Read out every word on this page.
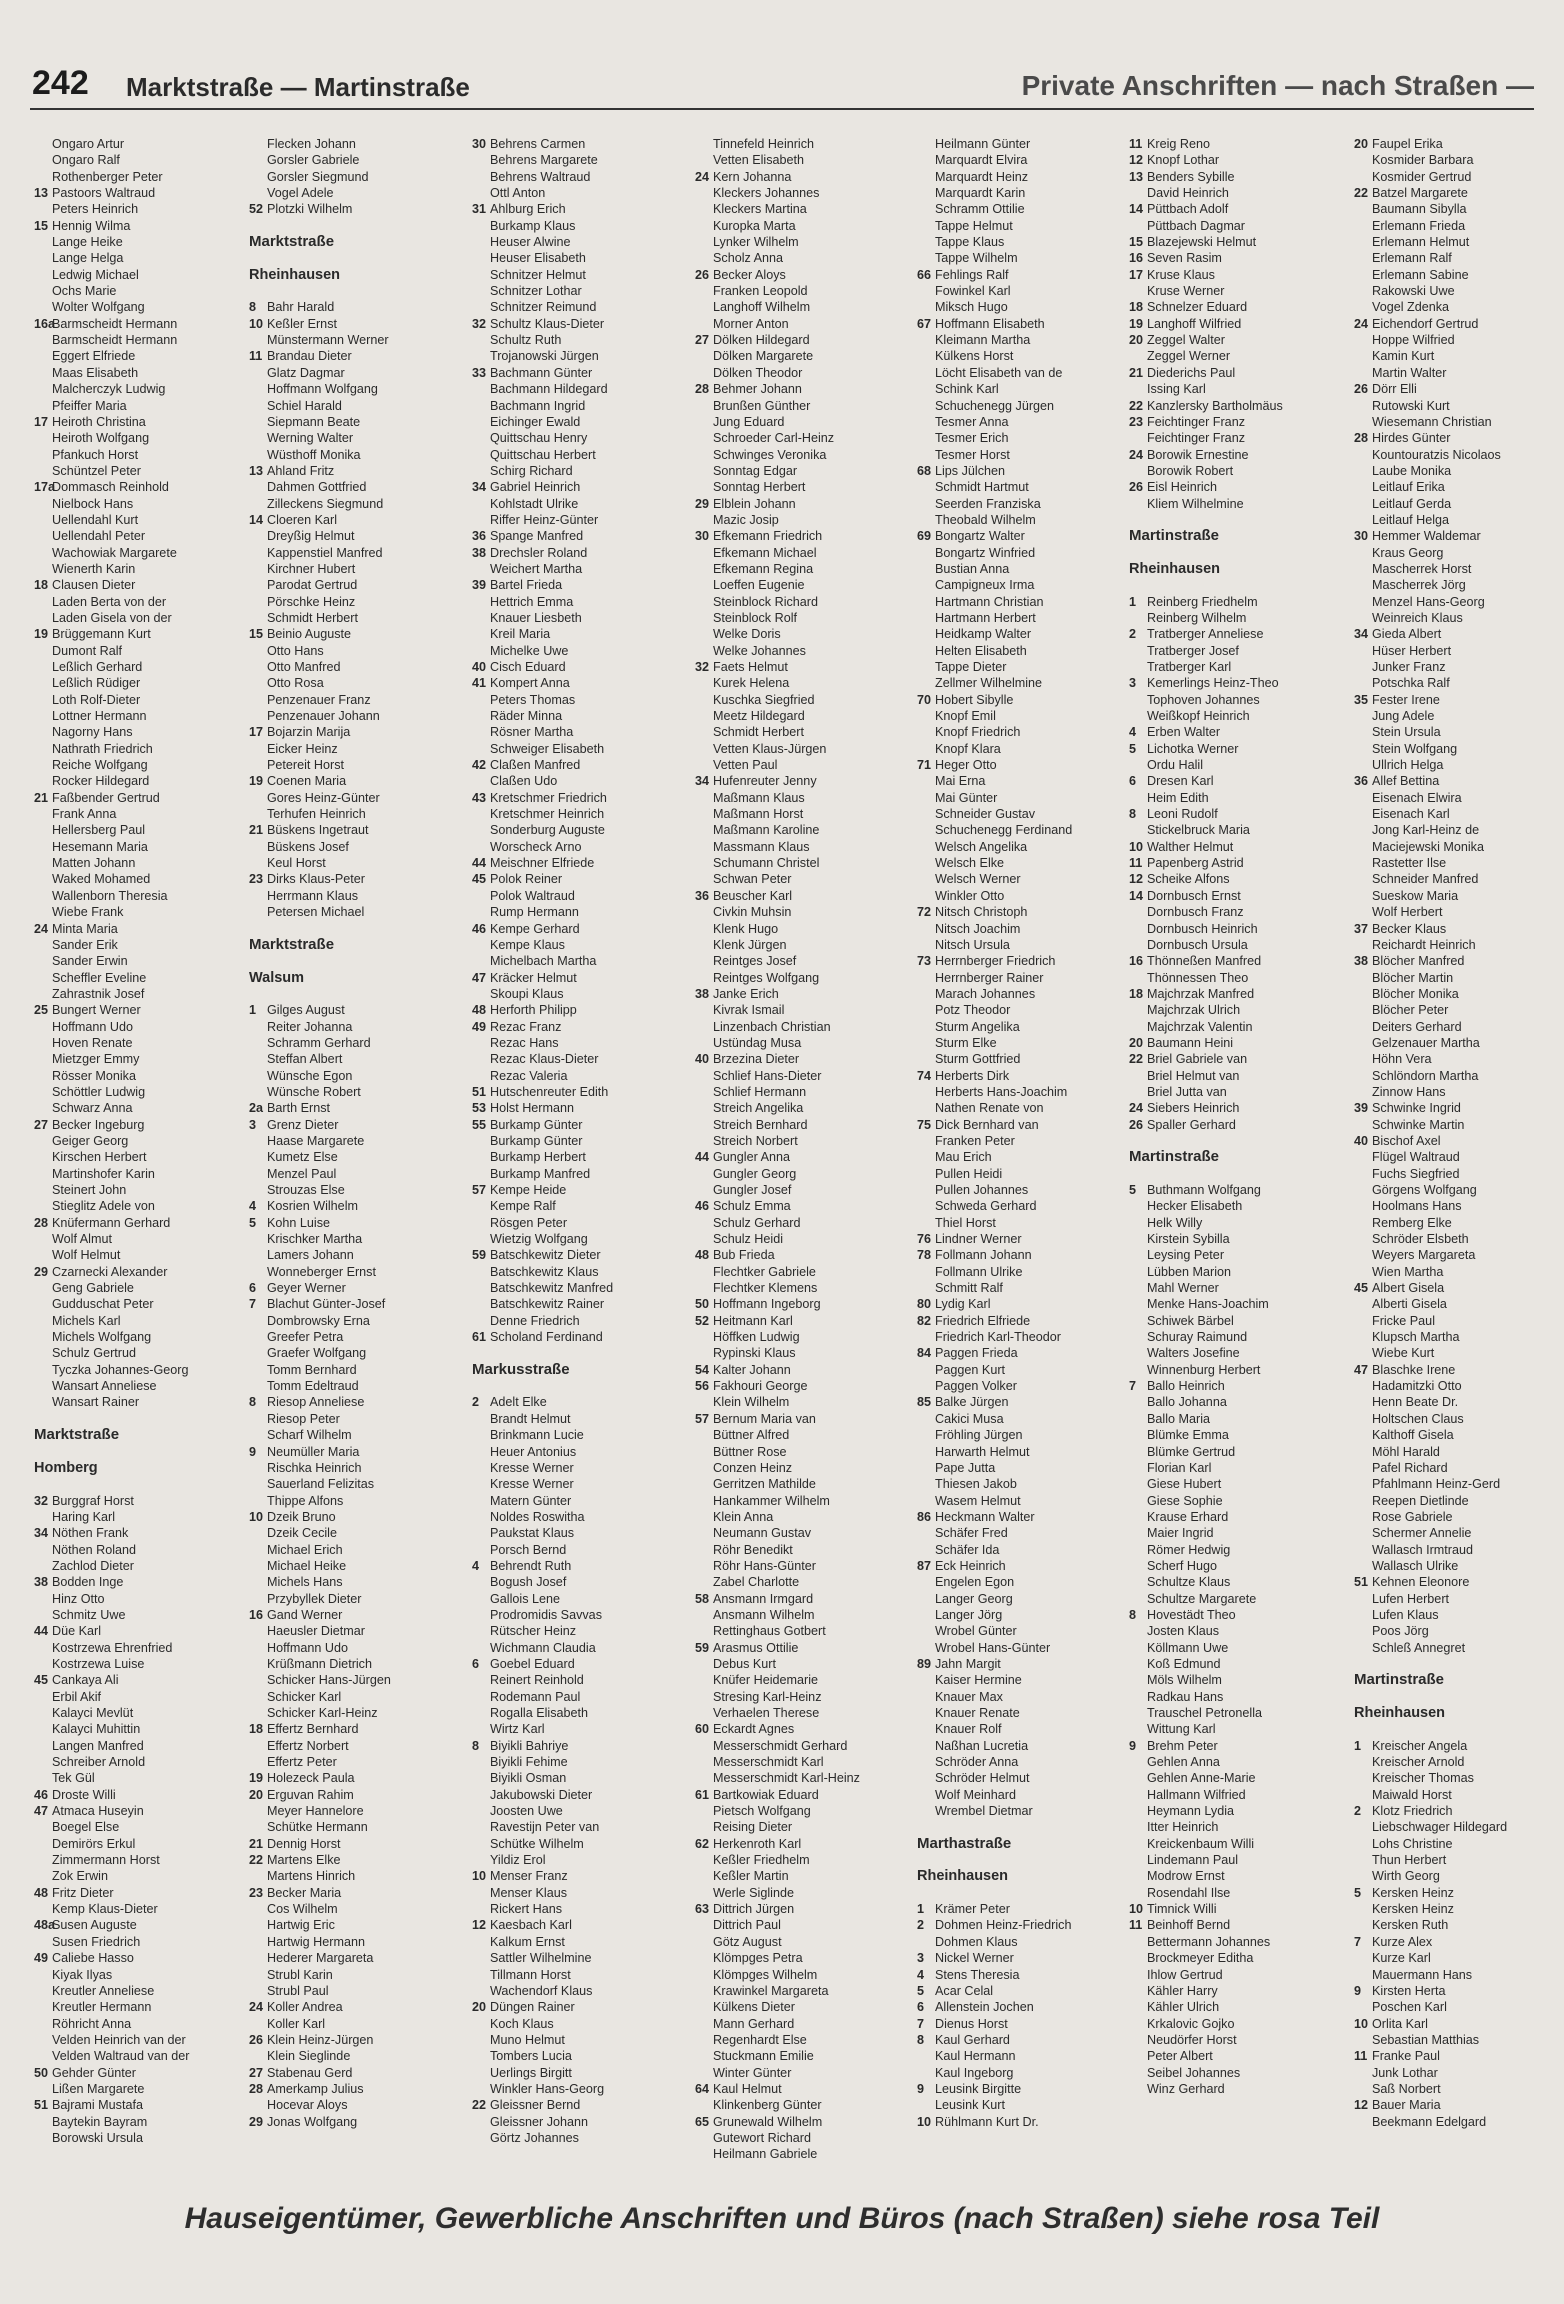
242 Marktstraße — Martinstraße	Private Anschriften — nach Straßen —
Ongaro Artur
Ongaro Ralf
Rothenberger Peter
13 Pastoors Waltraud
Peters Heinrich
15 Hennig Wilma
Lange Heike
Lange Helga
Ledwig Michael
Ochs Marie
Wolter Wolfgang
16a
Barmscheidt Hermann
Barmscheidt Hermann
Eggert Elfriede
Maas Elisabeth
Malcherczyk Ludwig
Pfeiffer Maria
17 Heiroth Christina
Heiroth Wolfgang
Pfankuch Horst
Schüntzel Peter
17a
Dommasch Reinhold
Nielbock Hans
Uellendahl Kurt
Uellendahl Peter
Wachowiak Margarete
Wienerth Karin
18 Clausen Dieter
Laden Berta von der
Laden Gisela von der
19 Brüggemann Kurt
Dumont Ralf
Leßlich Gerhard
Leßlich Rüdiger
Loth Rolf-Dieter
Lottner Hermann
Nagorny Hans
Nathrath Friedrich
Reiche Wolfgang
Rocker Hildegard
21 Faßbender Gertrud
Frank Anna
Hellersberg Paul
Hesemann Maria
Matten Johann
Waked Mohamed
Wallenborn Theresia
Wiebe Frank
24 Minta Maria
Sander Erik
Sander Erwin
Scheffler Eveline
Zahrastnik Josef
25 Bungert Werner
Hoffmann Udo
Hoven Renate
Mietzger Emmy
Rösser Monika
Schöttler Ludwig
Schwarz Anna
27 Becker Ingeburg
Geiger Georg
Kirschen Herbert
Martinshofer Karin
Steinert John
Stieglitz Adele von
28 Knüfermann Gerhard
Wolf Almut
Wolf Helmut
29 Czarnecki Alexander
Geng Gabriele
Gudduschat Peter
Michels Karl
Michels Wolfgang
Schulz Gertrud
Tyczka Johannes-Georg
Wansart Anneliese
Wansart Rainer
Marktstraße
Homberg
32 Burggraf Horst
Haring Karl
34 Nöthen Frank
Nöthen Roland
Zachlod Dieter
38 Bodden Inge
Hinz Otto
Schmitz Uwe
44 Düe Karl
Kostrzewa Ehrenfried
Kostrzewa Luise
45 Cankaya Ali
Erbil Akif
Kalayci Mevlüt
Kalayci Muhittin
Langen Manfred
Schreiber Arnold
Tek Gül
46 Droste Willi
47 Atmaca Huseyin
Boegel Else
Demirörs Erkul
Zimmermann Horst
Zok Erwin
48 Fritz Dieter
Kemp Klaus-Dieter
48a
Susen Auguste
Susen Friedrich
49 Caliebe Hasso
Kiyak Ilyas
Kreutler Anneliese
Kreutler Hermann
Röhricht Anna
Velden Heinrich van der
Velden Waltraud van der
50 Gehder Günter
Lißen Margarete
51 Bajrami Mustafa
Baytekin Bayram
Borowski Ursula
Flecken Johann
Gorsler Gabriele
Gorsler Siegmund
Vogel Adele
52 Plotzki Wilhelm
Marktstraße
Rheinhausen
8 Bahr Harald
10 Keßler Ernst
Münstermann Werner
11 Brandau Dieter
Glatz Dagmar
Hoffmann Wolfgang
Schiel Harald
Siepmann Beate
Werning Walter
Wüsthoff Monika
13 Ahland Fritz
Dahmen Gottfried
Zilleckens Siegmund
14 Cloeren Karl
Dreyßig Helmut
Kappenstiel Manfred
Kirchner Hubert
Parodat Gertrud
Pörschke Heinz
Schmidt Herbert
15 Beinio Auguste
Otto Hans
Otto Manfred
Otto Rosa
Penzenauer Franz
Penzenauer Johann
17 Bojarzin Marija
Eicker Heinz
Petereit Horst
19 Coenen Maria
Gores Heinz-Günter
Terhufen Heinrich
21 Büskens Ingetraut
Büskens Josef
Keul Horst
23 Dirks Klaus-Peter
Herrmann Klaus
Petersen Michael
Marktstraße
Walsum
1 Gilges August
Reiter Johanna
Schramm Gerhard
Steffan Albert
Wünsche Egon
Wünsche Robert
2a Barth Ernst
3 Grenz Dieter
Haase Margarete
Kumetz Else
Menzel Paul
Strouzas Else
4 Kosrien Wilhelm
5 Kohn Luise
Krischker Martha
Lamers Johann
Wonneberger Ernst
6 Geyer Werner
7 Blachut Günter-Josef
Dombrowsky Erna
Greefer Petra
Graefer Wolfgang
Tomm Bernhard
Tomm Edeltraud
8 Riesop Anneliese
Riesop Peter
Scharf Wilhelm
9 Neumüller Maria
Rischka Heinrich
Sauerland Felizitas
Thippe Alfons
10 Dzeik Bruno
Dzeik Cecile
Michael Erich
Michael Heike
Michels Hans
Przybyllek Dieter
16 Gand Werner
Haeusler Dietmar
Hoffmann Udo
Krüßmann Dietrich
Schicker Hans-Jürgen
Schicker Karl
Schicker Karl-Heinz
18 Effertz Bernhard
Effertz Norbert
Effertz Peter
19 Holezeck Paula
20 Erguvan Rahim
Meyer Hannelore
Schütke Hermann
21 Dennig Horst
22 Martens Elke
Martens Hinrich
23 Becker Maria
Cos Wilhelm
Hartwig Eric
Hartwig Hermann
Hederer Margareta
Strubl Karin
Strubl Paul
24 Koller Andrea
Koller Karl
26 Klein Heinz-Jürgen
Klein Sieglinde
27 Stabenau Gerd
28 Amerkamp Julius
Hocevar Aloys
29 Jonas Wolfgang
30 Behrens Carmen
Behrens Margarete
Behrens Waltraud
Ottl Anton
31 Ahlburg Erich
Burkamp Klaus
Heuser Alwine
Heuser Elisabeth
Schnitzer Helmut
Schnitzer Lothar
Schnitzer Reimund
32 Schultz Klaus-Dieter
Schultz Ruth
Trojanowski Jürgen
33 Bachmann Günter
Bachmann Hildegard
Bachmann Ingrid
Eichinger Ewald
Quittschau Henry
Quittschau Herbert
Schirg Richard
34 Gabriel Heinrich
Kohlstadt Ulrike
Riffer Heinz-Günter
36 Spange Manfred
38 Drechsler Roland
Weichert Martha
39 Bartel Frieda
Hettrich Emma
Knauer Liesbeth
Kreil Maria
Michelke Uwe
40 Cisch Eduard
41 Kompert Anna
Peters Thomas
Räder Minna
Rösner Martha
Schweiger Elisabeth
42 Claßen Manfred
Claßen Udo
43 Kretschmer Friedrich
Kretschmer Heinrich
Sonderburg Auguste
Worscheck Arno
44 Meischner Elfriede
45 Polok Reiner
Polok Waltraud
Rump Hermann
46 Kempe Gerhard
Kempe Klaus
Michelbach Martha
47 Kräcker Helmut
Skoupi Klaus
48 Herforth Philipp
49 Rezac Franz
Rezac Hans
Rezac Klaus-Dieter
Rezac Valeria
51 Hutschenreuter Edith
53 Holst Hermann
55 Burkamp Günter
Burkamp Günter
Burkamp Herbert
Burkamp Manfred
57 Kempe Heide
Kempe Ralf
Rösgen Peter
Wietzig Wolfgang
59 Batschkewitz Dieter
Batschkewitz Klaus
Batschkewitz Manfred
Batschkewitz Rainer
Denne Friedrich
61 Scholand Ferdinand
Markusstraße
2 Adelt Elke
Brandt Helmut
Brinkmann Lucie
Heuer Antonius
Kresse Werner
Kresse Werner
Matern Günter
Noldes Roswitha
Paukstat Klaus
Porsch Bernd
4 Behrendt Ruth
Bogush Josef
Gallois Lene
Prodromidis Savvas
Rütscher Heinz
Wichmann Claudia
6 Goebel Eduard
Reinert Reinhold
Rodemann Paul
Rogalla Elisabeth
Wirtz Karl
8 Biyikli Bahriye
Biyikli Fehime
Biyikli Osman
Jakubowski Dieter
Joosten Uwe
Ravestijn Peter van
Schütke Wilhelm
Yildiz Erol
10 Menser Franz
Menser Klaus
Rickert Hans
12 Kaesbach Karl
Kalkum Ernst
Sattler Wilhelmine
Tillmann Horst
Wachendorf Klaus
20 Düngen Rainer
Koch Klaus
Muno Helmut
Tombers Lucia
Uerlings Birgitt
Winkler Hans-Georg
22 Gleissner Bernd
Gleissner Johann
Görtz Johannes
Tinnefeld Heinrich
Vetten Elisabeth
24 Kern Johanna
Kleckers Johannes
Kleckers Martina
Kuropka Marta
Lynker Wilhelm
Scholz Anna
26 Becker Aloys
Franken Leopold
Langhoff Wilhelm
Morner Anton
27 Dölken Hildegard
Dölken Margarete
Dölken Theodor
28 Behmer Johann
Brunßen Günther
Jung Eduard
Schroeder Carl-Heinz
Schwinges Veronika
Sonntag Edgar
Sonntag Herbert
29 Elblein Johann
Mazic Josip
30 Efkemann Friedrich
Efkemann Michael
Efkemann Regina
Loeffen Eugenie
Steinblock Richard
Steinblock Rolf
Welke Doris
Welke Johannes
32 Faets Helmut
Kurek Helena
Kuschka Siegfried
Meetz Hildegard
Schmidt Herbert
Vetten Klaus-Jürgen
Vetten Paul
34 Hufenreuter Jenny
Maßmann Klaus
Maßmann Horst
Maßmann Karoline
Massmann Klaus
Schumann Christel
Schwan Peter
36 Beuscher Karl
Civkin Muhsin
Klenk Hugo
Klenk Jürgen
Reintges Josef
Reintges Wolfgang
38 Janke Erich
Kivrak Ismail
Linzenbach Christian
Ustündag Musa
40 Brzezina Dieter
Schlief Hans-Dieter
Schlief Hermann
Streich Angelika
Streich Bernhard
Streich Norbert
44 Gungler Anna
Gungler Georg
Gungler Josef
46 Schulz Emma
Schulz Gerhard
Schulz Heidi
48 Bub Frieda
Flechtker Gabriele
Flechtker Klemens
50 Hoffmann Ingeborg
52 Heitmann Karl
Höffken Ludwig
Rypinski Klaus
54 Kalter Johann
56 Fakhouri George
Klein Wilhelm
57 Bernum Maria van
Büttner Alfred
Büttner Rose
Conzen Heinz
Gerritzen Mathilde
Hankammer Wilhelm
Klein Anna
Neumann Gustav
Röhr Benedikt
Röhr Hans-Günter
Zabel Charlotte
58 Ansmann Irmgard
Ansmann Wilhelm
Rettinghaus Gotbert
59 Arasmus Ottilie
Debus Kurt
Knüfer Heidemarie
Stresing Karl-Heinz
Verhaelen Therese
60 Eckardt Agnes
Messerschmidt Gerhard
Messerschmidt Karl
Messerschmidt Karl-Heinz
61 Bartkowiak Eduard
Pietsch Wolfgang
Reising Dieter
62 Herkenroth Karl
Keßler Friedhelm
Keßler Martin
Werle Siglinde
63 Dittrich Jürgen
Dittrich Paul
Götz August
Klömpges Petra
Klömpges Wilhelm
Krawinkel Margareta
Külkens Dieter
Mann Gerhard
Regenhardt Else
Stuckmann Emilie
Winter Günter
64 Kaul Helmut
Klinkenberg Günter
65 Grunewald Wilhelm
Gutewort Richard
Heilmann Gabriele
Heilmann Günter
Marquardt Elvira
Marquardt Heinz
Marquardt Karin
Schramm Ottilie
Tappe Helmut
Tappe Klaus
Tappe Wilhelm
66 Fehlings Ralf
Fowinkel Karl
Miksch Hugo
67 Hoffmann Elisabeth
Kleimann Martha
Külkens Horst
Löcht Elisabeth van de
Schink Karl
Schuchenegg Jürgen
Tesmer Anna
Tesmer Erich
Tesmer Horst
68 Lips Jülchen
Schmidt Hartmut
Seerden Franziska
Theobald Wilhelm
69 Bongartz Walter
Bongartz Winfried
Bustian Anna
Campigneux Irma
Hartmann Christian
Hartmann Herbert
Heidkamp Walter
Helten Elisabeth
Tappe Dieter
Zellmer Wilhelmine
70 Hobert Sibylle
Knopf Emil
Knopf Friedrich
Knopf Klara
71 Heger Otto
Mai Erna
Mai Günter
Schneider Gustav
Schuchenegg Ferdinand
Welsch Angelika
Welsch Elke
Welsch Werner
Winkler Otto
72 Nitsch Christoph
Nitsch Joachim
Nitsch Ursula
73 Herrnberger Friedrich
Herrnberger Rainer
Marach Johannes
Potz Theodor
Sturm Angelika
Sturm Elke
Sturm Gottfried
74 Herberts Dirk
Herberts Hans-Joachim
Nathen Renate von
75 Dick Bernhard van
Franken Peter
Mau Erich
Pullen Heidi
Pullen Johannes
Schweda Gerhard
Thiel Horst
76 Lindner Werner
78 Follmann Johann
Follmann Ulrike
Schmitt Ralf
80 Lydig Karl
82 Friedrich Elfriede
Friedrich Karl-Theodor
84 Paggen Frieda
Paggen Kurt
Paggen Volker
85 Balke Jürgen
Cakici Musa
Fröhling Jürgen
Harwarth Helmut
Pape Jutta
Thiesen Jakob
Wasem Helmut
86 Heckmann Walter
Schäfer Fred
Schäfer Ida
87 Eck Heinrich
Engelen Egon
Langer Georg
Langer Jörg
Wrobel Günter
Wrobel Hans-Günter
89 Jahn Margit
Kaiser Hermine
Knauer Max
Knauer Renate
Knauer Rolf
Naßhan Lucretia
Schröder Anna
Schröder Helmut
Wolf Meinhard
Wrembel Dietmar
Marthastraße
Rheinhausen
1 Krämer Peter
2 Dohmen Heinz-Friedrich
Dohmen Klaus
3 Nickel Werner
4 Stens Theresia
5 Acar Celal
6 Allenstein Jochen
7 Dienus Horst
8 Kaul Gerhard
Kaul Hermann
Kaul Ingeborg
9 Leusink Birgitte
Leusink Kurt
10 Rühlmann Kurt Dr.
11 Kreig Reno
12 Knopf Lothar
13 Benders Sybille
David Heinrich
14 Püttbach Adolf
Püttbach Dagmar
15 Blazejewski Helmut
16 Seven Rasim
17 Kruse Klaus
Kruse Werner
18 Schnelzer Eduard
19 Langhoff Wilfried
20 Zeggel Walter
Zeggel Werner
21 Diederichs Paul
Issing Karl
22 Kanzlersky Bartholmäus
23 Feichtinger Franz
Feichtinger Franz
24 Borowik Ernestine
Borowik Robert
26 Eisl Heinrich
Kliem Wilhelmine
Martinstraße
Rheinhausen
1 Reinberg Friedhelm
Reinberg Wilhelm
2 Tratberger Anneliese
Tratberger Josef
Tratberger Karl
3 Kemerlings Heinz-Theo
Tophoven Johannes
Weißkopf Heinrich
4 Erben Walter
5 Lichotka Werner
Ordu Halil
6 Dresen Karl
Heim Edith
8 Leoni Rudolf
Stickelbruck Maria
10 Walther Helmut
11 Papenberg Astrid
12 Scheike Alfons
14 Dornbusch Ernst
Dornbusch Franz
Dornbusch Heinrich
Dornbusch Ursula
16 Thönneßen Manfred
Thönnessen Theo
18 Majchrzak Manfred
Majchrzak Ulrich
Majchrzak Valentin
20 Baumann Heini
22 Briel Gabriele van
Briel Helmut van
Briel Jutta van
24 Siebers Heinrich
26 Spaller Gerhard
Martinstraße
5 Buthmann Wolfgang
Hecker Elisabeth
Helk Willy
Kirstein Sybilla
Leysing Peter
Lübben Marion
Mahl Werner
Menke Hans-Joachim
Schiwek Bärbel
Schuray Raimund
Walters Josefine
Winnenburg Herbert
7 Ballo Heinrich
Ballo Johanna
Ballo Maria
Blümke Emma
Blümke Gertrud
Florian Karl
Giese Hubert
Giese Sophie
Krause Erhard
Maier Ingrid
Römer Hedwig
Scherf Hugo
Schultze Klaus
Schultze Margarete
8 Hovestädt Theo
Josten Klaus
Köllmann Uwe
Koß Edmund
Möls Wilhelm
Radkau Hans
Trauschel Petronella
Wittung Karl
9 Brehm Peter
Gehlen Anna
Gehlen Anne-Marie
Hallmann Wilfried
Heymann Lydia
Itter Heinrich
Kreickenbaum Willi
Lindemann Paul
Modrow Ernst
Rosendahl Ilse
10 Timnick Willi
11 Beinhoff Bernd
Bettermann Johannes
Brockmeyer Editha
Ihlow Gertrud
Kähler Harry
Kähler Ulrich
Krkalovic Gojko
Neudörfer Horst
Peter Albert
Seibel Johannes
Winz Gerhard
20 Faupel Erika
Kosmider Barbara
Kosmider Gertrud
22 Batzel Margarete
Baumann Sibylla
Erlemann Frieda
Erlemann Helmut
Erlemann Ralf
Erlemann Sabine
Rakowski Uwe
Vogel Zdenka
24 Eichendorf Gertrud
Hoppe Wilfried
Kamin Kurt
Martin Walter
26 Dörr Elli
Rutowski Kurt
Wiesemann Christian
28 Hirdes Günter
Kountouratzis Nicolaos
Laube Monika
Leitlauf Erika
Leitlauf Gerda
Leitlauf Helga
30 Hemmer Waldemar
Kraus Georg
Mascherrek Horst
Mascherrek Jörg
Menzel Hans-Georg
Weinreich Klaus
34 Gieda Albert
Hüser Herbert
Junker Franz
Potschka Ralf
35 Fester Irene
Jung Adele
Stein Ursula
Stein Wolfgang
Ullrich Helga
36 Allef Bettina
Eisenach Elwira
Eisenach Karl
Jong Karl-Heinz de
Maciejewski Monika
Rastetter Ilse
Schneider Manfred
Sueskow Maria
Wolf Herbert
37 Becker Klaus
Reichardt Heinrich
38 Blöcher Manfred
Blöcher Martin
Blöcher Monika
Blöcher Peter
Deiters Gerhard
Gelzenauer Martha
Höhn Vera
Schlöndorn Martha
Zinnow Hans
39 Schwinke Ingrid
Schwinke Martin
40 Bischof Axel
Flügel Waltraud
Fuchs Siegfried
Görgens Wolfgang
Hoolmans Hans
Remberg Elke
Schröder Elsbeth
Weyers Margareta
Wien Martha
45 Albert Gisela
Alberti Gisela
Fricke Paul
Klupsch Martha
Wiebe Kurt
47 Blaschke Irene
Hadamitzki Otto
Henn Beate Dr.
Holtschen Claus
Kalthoff Gisela
Möhl Harald
Pafel Richard
Pfahlmann Heinz-Gerd
Reepen Dietlinde
Rose Gabriele
Schermer Annelie
Wallasch Irmtraud
Wallasch Ulrike
51 Kehnen Eleonore
Lufen Herbert
Lufen Klaus
Poos Jörg
Schleß Annegret
Martinstraße
Rheinhausen
1 Kreischer Angela
Kreischer Arnold
Kreischer Thomas
Maiwald Horst
2 Klotz Friedrich
Liebschwager Hildegard
Lohs Christine
Thun Herbert
Wirth Georg
5 Kersken Heinz
Kersken Heinz
Kersken Ruth
7 Kurze Alex
Kurze Karl
Mauermann Hans
9 Kirsten Herta
Poschen Karl
10 Orlita Karl
Sebastian Matthias
11 Franke Paul
Junk Lothar
Saß Norbert
12 Bauer Maria
Beekmann Edelgard
Hauseigentümer, Gewerbliche Anschriften und Büros (nach Straßen) siehe rosa Teil
